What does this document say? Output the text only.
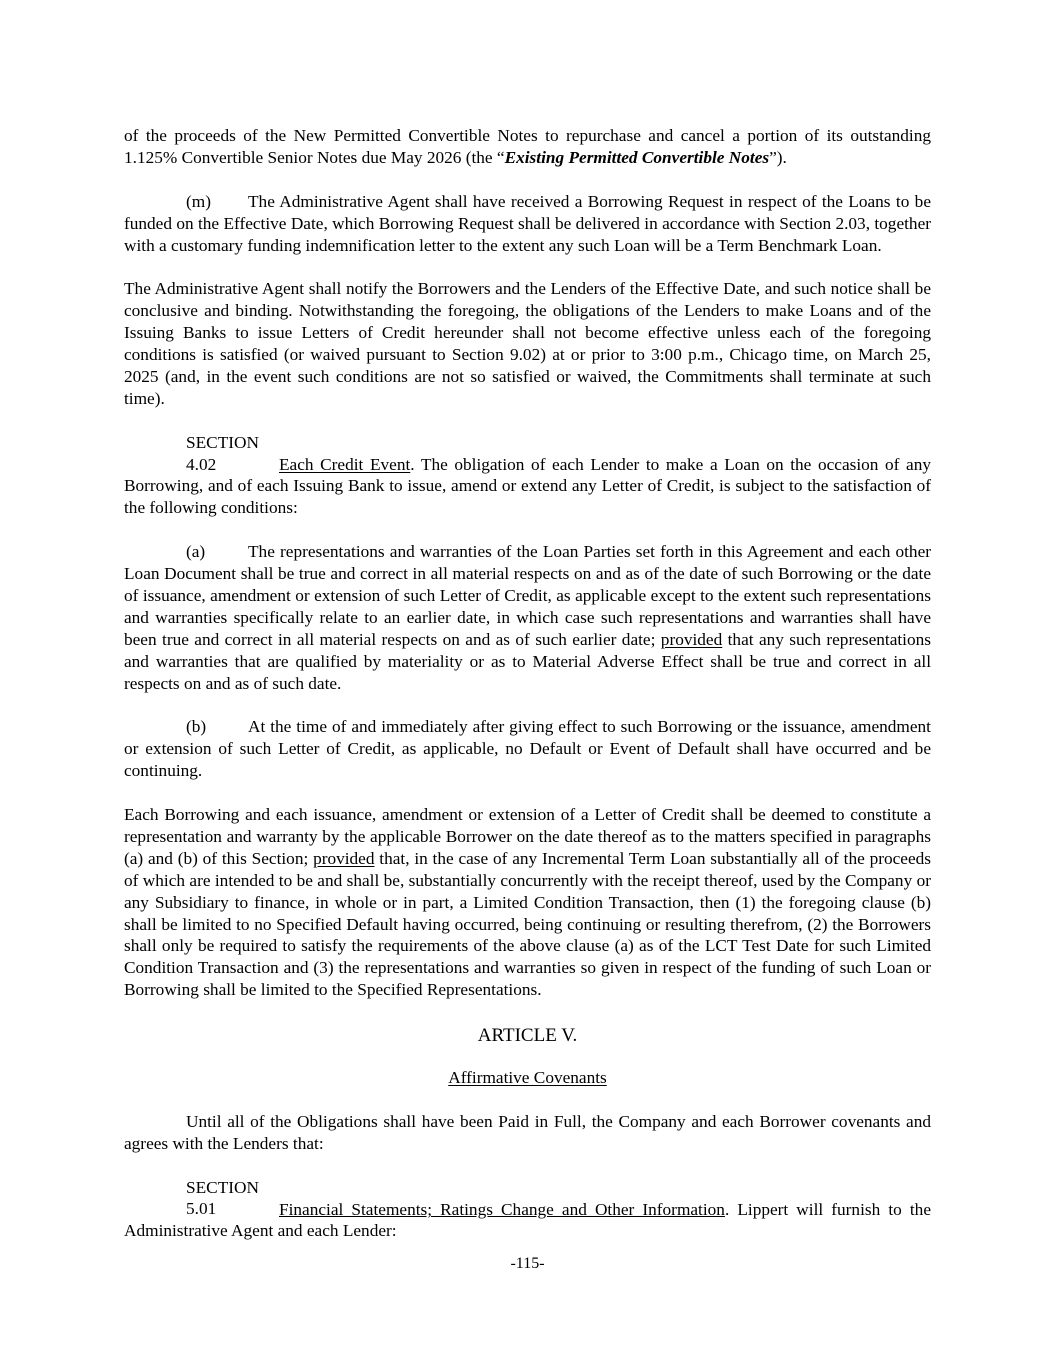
of the proceeds of the New Permitted Convertible Notes to repurchase and cancel a portion of its outstanding 1.125% Convertible Senior Notes due May 2026 (the “Existing Permitted Convertible Notes”).

(m) The Administrative Agent shall have received a Borrowing Request in respect of the Loans to be funded on the Effective Date, which Borrowing Request shall be delivered in accordance with Section 2.03, together with a customary funding indemnification letter to the extent any such Loan will be a Term Benchmark Loan.

The Administrative Agent shall notify the Borrowers and the Lenders of the Effective Date, and such notice shall be conclusive and binding. Notwithstanding the foregoing, the obligations of the Lenders to make Loans and of the Issuing Banks to issue Letters of Credit hereunder shall not become effective unless each of the foregoing conditions is satisfied (or waived pursuant to Section 9.02) at or prior to 3:00 p.m., Chicago time, on March 25, 2025 (and, in the event such conditions are not so satisfied or waived, the Commitments shall terminate at such time).

SECTION 4.02	Each Credit Event. The obligation of each Lender to make a Loan on the occasion of any Borrowing, and of each Issuing Bank to issue, amend or extend any Letter of Credit, is subject to the satisfaction of the following conditions:

(a) The representations and warranties of the Loan Parties set forth in this Agreement and each other Loan Document shall be true and correct in all material respects on and as of the date of such Borrowing or the date of issuance, amendment or extension of such Letter of Credit, as applicable except to the extent such representations and warranties specifically relate to an earlier date, in which case such representations and warranties shall have been true and correct in all material respects on and as of such earlier date; provided that any such representations and warranties that are qualified by materiality or as to Material Adverse Effect shall be true and correct in all respects on and as of such date.

(b) At the time of and immediately after giving effect to such Borrowing or the issuance, amendment or extension of such Letter of Credit, as applicable, no Default or Event of Default shall have occurred and be continuing.

Each Borrowing and each issuance, amendment or extension of a Letter of Credit shall be deemed to constitute a representation and warranty by the applicable Borrower on the date thereof as to the matters specified in paragraphs (a) and (b) of this Section; provided that, in the case of any Incremental Term Loan substantially all of the proceeds of which are intended to be and shall be, substantially concurrently with the receipt thereof, used by the Company or any Subsidiary to finance, in whole or in part, a Limited Condition Transaction, then (1) the foregoing clause (b) shall be limited to no Specified Default having occurred, being continuing or resulting therefrom, (2) the Borrowers shall only be required to satisfy the requirements of the above clause (a) as of the LCT Test Date for such Limited Condition Transaction and (3) the representations and warranties so given in respect of the funding of such Loan or Borrowing shall be limited to the Specified Representations.

ARTICLE V.

Affirmative Covenants

Until all of the Obligations shall have been Paid in Full, the Company and each Borrower covenants and agrees with the Lenders that:

SECTION 5.01	Financial Statements; Ratings Change and Other Information. Lippert will furnish to the Administrative Agent and each Lender:

-115-
